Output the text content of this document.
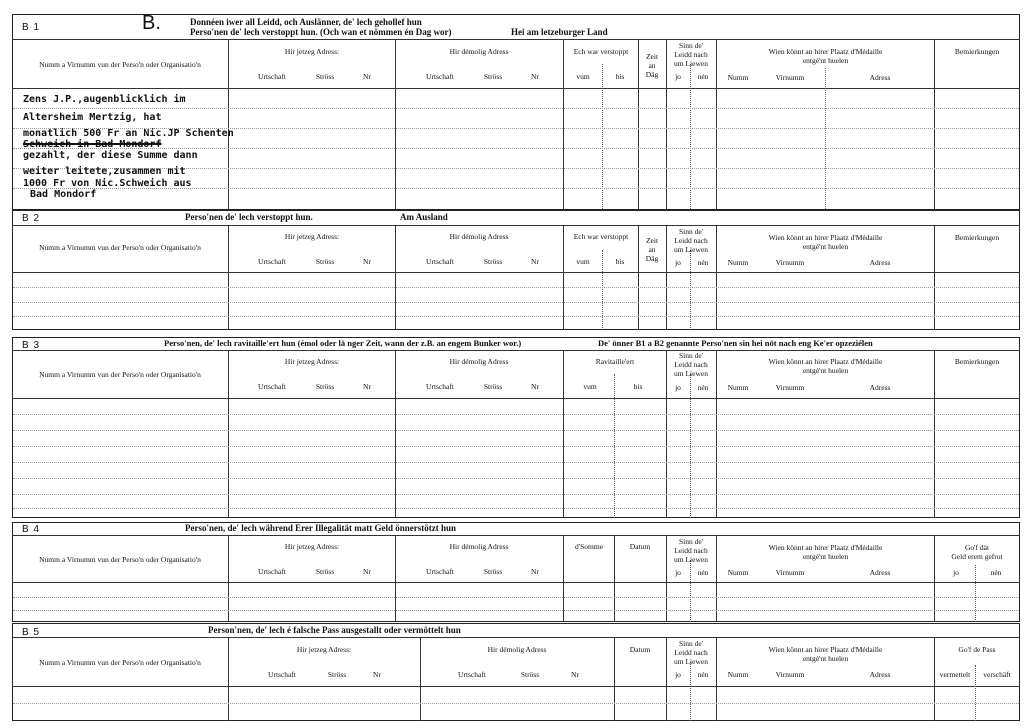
B.
B 1	Donnéen iwer all Leidd, och Auslänner, de' lech gehollef hun
Perso'nen de' lech verstoppt hun. (Och wan et nömmen én Dag wor)	Hei am letzeburger Land
Numm a Virnumm vun der Perso'n oder Organisatio'n
Hir jetzeg Adress:
Urtschaft	Ströss	Nr
Hir démolig Adress
Urtschaft	Ströss	Nr
Ech war verstoppt
vum	bis
Zeit
an
Däg
Sinn de'
Leidd nach
um Liewen
jo	nén
Wien könnt an hirer Plaatz d'Médaille
entgé'nt huelen
Numm	Virnumm	Adress
Bemierkungen
Zens J.P.,augenblicklich im
Altersheim Mertzig, hat
monatlich 500 Fr an Nic.JP Schenten
Schweich in Bad Mondorf
gezahlt, der diese Summe dann
weiter leitete,zusammen mit
1000 Fr von Nic.Schweich aus
Bad Mondorf
B 2	Perso'nen de' lech verstoppt hun.	Am Ausland
Numm a Virnumm vun der Perso'n oder Organisatio'n
Hir jetzeg Adress:
Urtschaft	Ströss	Nr
Hir démolig Adress
Urtschaft	Ströss	Nr
Ech war verstoppt
vum	bis
Zeit
an
Däg
Sinn de'
Leidd nach
um Liewen
jo	nén
Wien könnt an hirer Plaatz d'Médaille
entgé'nt huelen
Numm	Virnumm	Adress
Bemierkungen
B 3	Perso'nen, de' lech ravitaille'ert hun (émol oder lä nger Zeit, wann der z.B. an engem Bunker wor.)	De' önner B1 a B2 genannte Perso'nen sin hei nöt nach eng Ke'er opzeziélen
Numm a Virnumm vun der Perso'n oder Organisatio'n
Hir jetzeg Adress:
Urtschaft	Ströss	Nr
Hir démolig Adress
Urtschaft	Ströss	Nr
Ravitaille'ert
vum	bis
Sinn de'
Leidd nach
um Liewen
jo	nén
Wien könnt an hirer Plaatz d'Médaille
entgé'nt huelen
Numm	Virnumm	Adress
Bemierkungen
B 4	Perso'nen, de' lech während Erer Illegalität matt Geld önnerstötzt hun
Numm a Virnumm vun der Perso'n oder Organisatio'n
Hir jetzeg Adress:
Urtschaft	Ströss	Nr
Hir démolig Adress
Urtschaft	Ströss	Nr
d'Somme	Datum
Sinn de'
Leidd nach
um Liewen
jo	nén
Wien könnt an hirer Plaatz d'Médaille
entgé'nt huelen
Numm	Virnumm	Adress
Go'f dät
Geld erem gefrot
jo	nén
B 5	Person'nen, de' lech é falsche Pass ausgestallt oder vermöttelt hun
Numm a Virnumm vun der Perso'n oder Organisatio'n
Hir jetzeg Adress:
Urtschaft	Ströss	Nr
Hir démolig Adress
Urtschaft	Ströss	Nr
Datum
Sinn de'
Leidd nach
um Liewen
jo	nén
Wien könnt an hirer Plaatz d'Médaille
entgé'nt huelen
Numm	Virnumm	Adress
Go'f de Pass
vermettelt	verschäft
